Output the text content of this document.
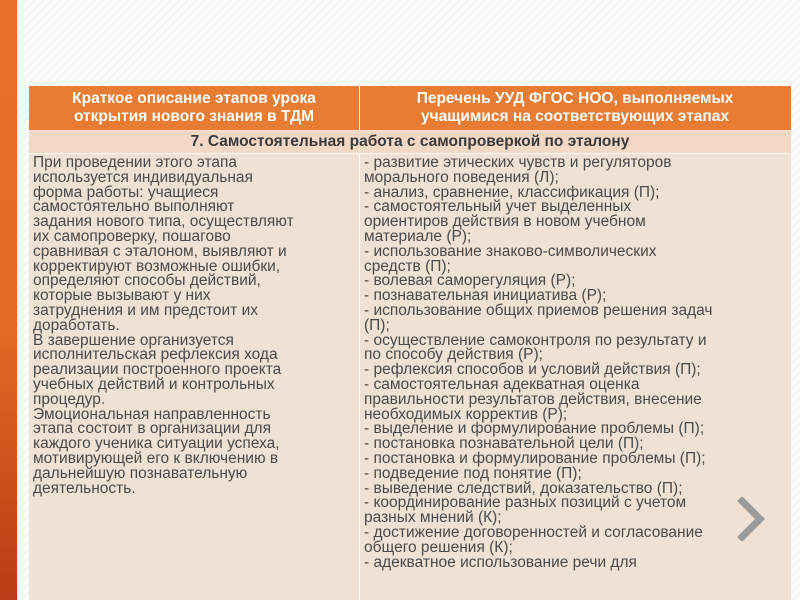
Краткое описание этапов урока
открытия нового знания в ТДМ
Перечень УУД ФГОС НОО, выполняемых
учащимися на соответствующих этапах
7. Самостоятельная работа с самопроверкой по эталону
При проведении этого этапа
используется индивидуальная
форма работы: учащиеся
самостоятельно выполняют
задания нового типа, осуществляют
их самопроверку, пошагово
сравнивая с эталоном, выявляют и
корректируют возможные ошибки,
определяют способы действий,
которые вызывают у них
затруднения и им предстоит их
доработать.
В завершение организуется
исполнительская рефлексия хода
реализации построенного проекта
учебных действий и контрольных
процедур.
Эмоциональная направленность
этапа состоит в организации для
каждого ученика ситуации успеха,
мотивирующей его к включению в
дальнейшую познавательную
деятельность.
- развитие этических чувств и регуляторов
морального поведения (Л);
- анализ, сравнение, классификация (П);
- самостоятельный учет выделенных
ориентиров действия в новом учебном
материале (Р);
- использование знаково-символических
средств (П);
- волевая саморегуляция (Р);
- познавательная инициатива (Р);
- использование общих приемов решения задач
(П);
- осуществление самоконтроля по результату и
по способу действия (Р);
- рефлексия способов и условий действия (П);
- самостоятельная адекватная оценка
правильности результатов действия, внесение
необходимых корректив (Р);
- выделение и формулирование проблемы (П);
- постановка познавательной цели (П);
- постановка и формулирование проблемы (П);
- подведение под понятие (П);
- выведение следствий, доказательство (П);
- координирование разных позиций с учетом
разных мнений (К);
- достижение договоренностей и согласование
общего решения (К);
- адекватное использование речи для
